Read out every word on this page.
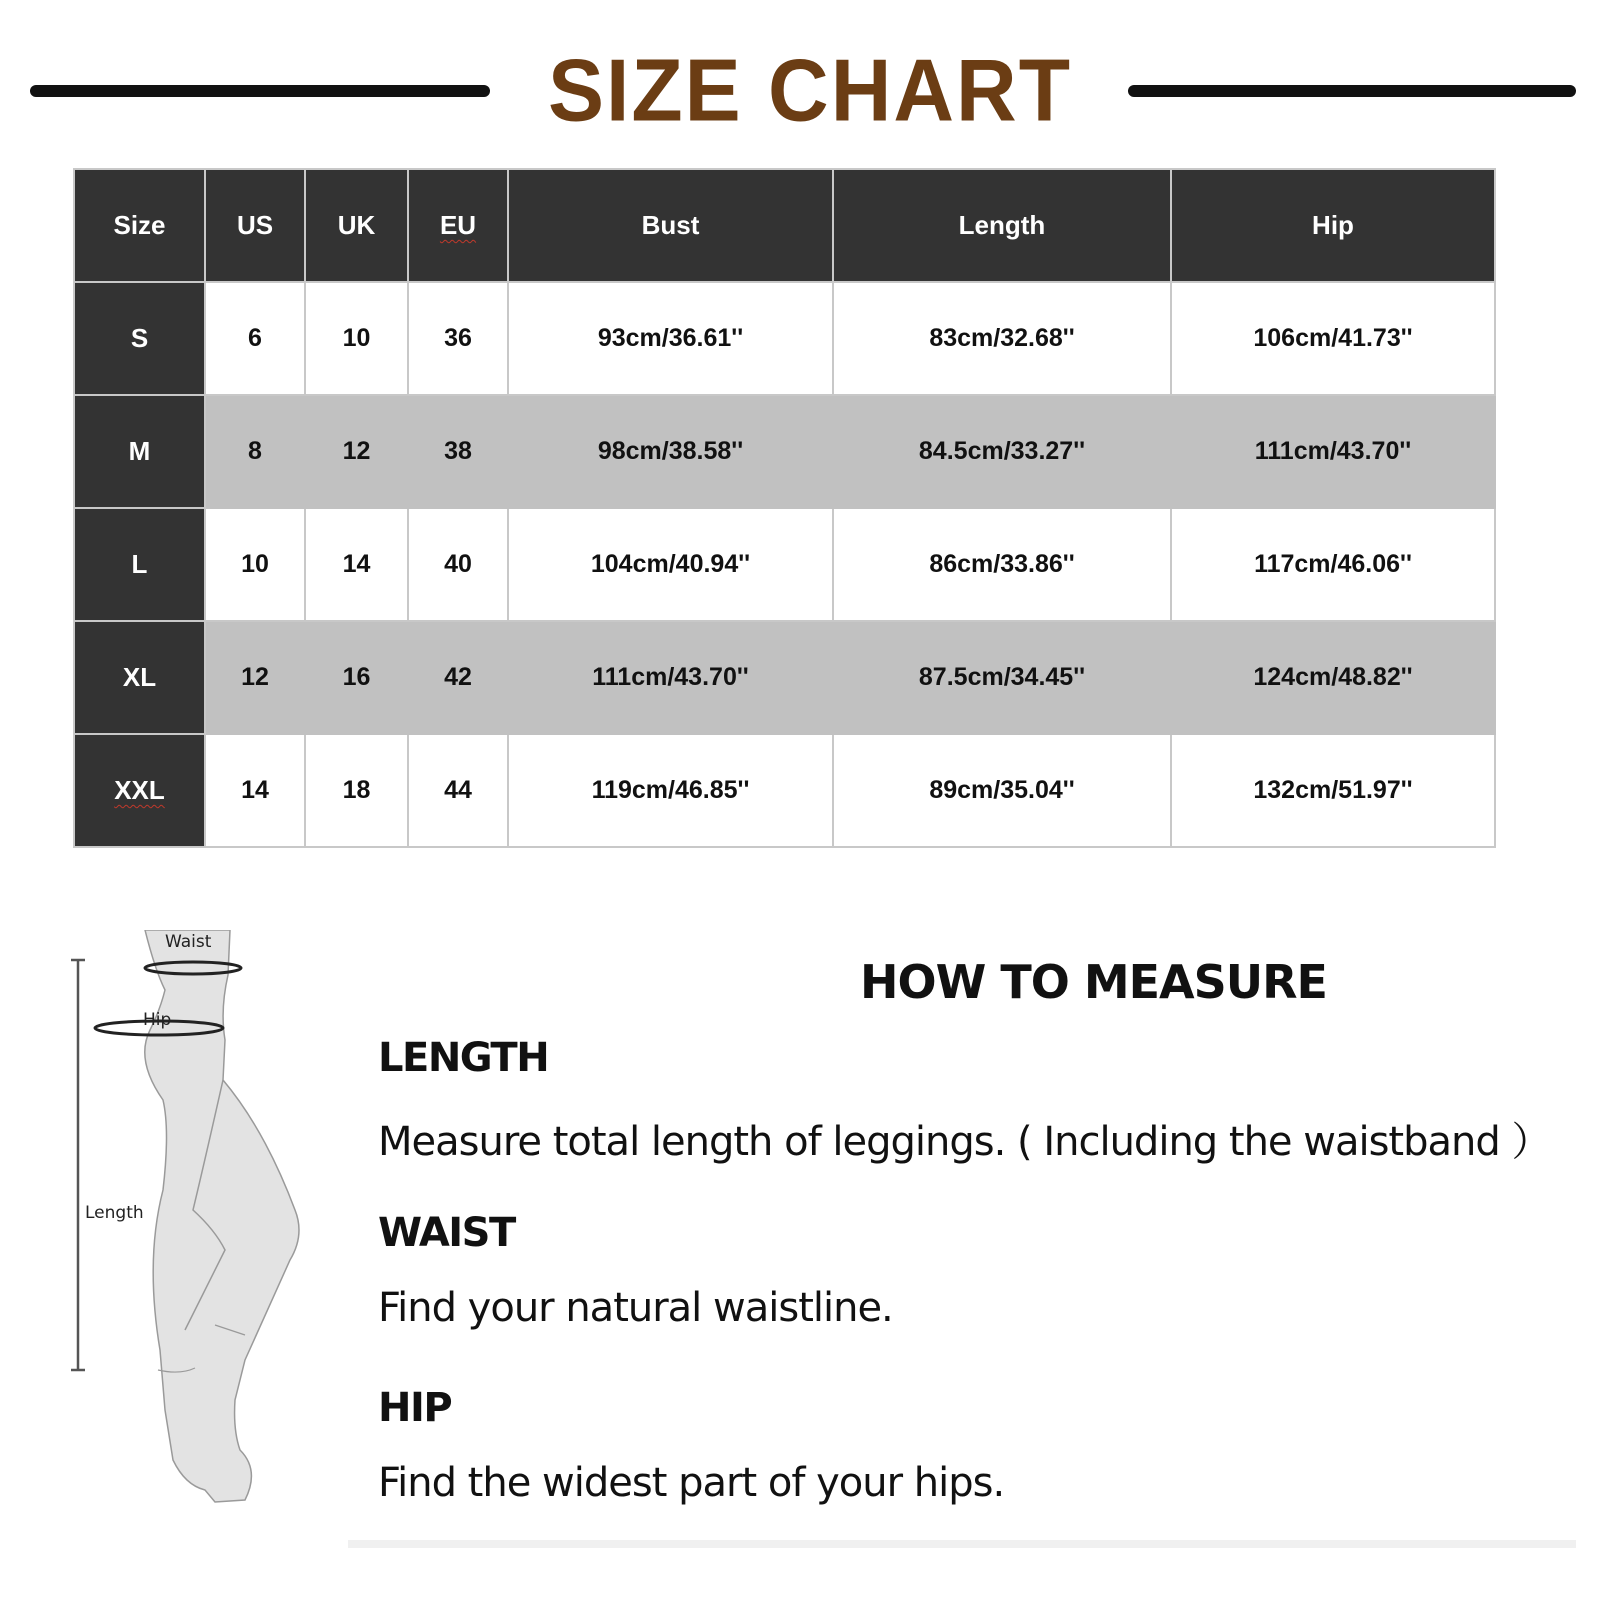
SIZE CHART
Size	US	UK	EU	Bust	Length	Hip
S	6	10	36	93cm/36.61''	83cm/32.68''	106cm/41.73''
M	8	12	38	98cm/38.58''	84.5cm/33.27''	111cm/43.70''
L	10	14	40	104cm/40.94''	86cm/33.86''	117cm/46.06''
XL	12	16	42	111cm/43.70''	87.5cm/34.45''	124cm/48.82''
XXL	14	18	44	119cm/46.85''	89cm/35.04''	132cm/51.97''
Waist
Hip
Length
HOW TO MEASURE
LENGTH
Measure total length of leggings. ( Including the waistband ）
WAIST
Find your natural waistline.
HIP
Find the widest part of your hips.
